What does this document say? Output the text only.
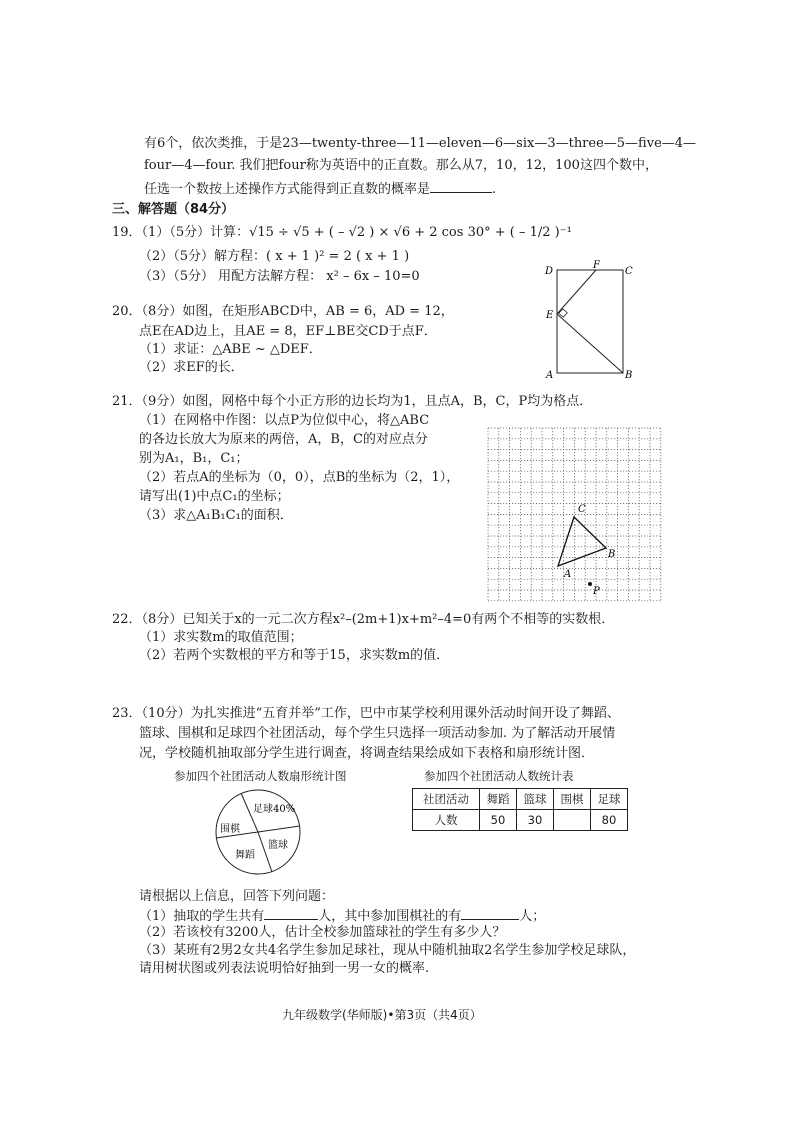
有6个，依次类推，于是23—twenty-three—11—eleven—6—six—3—three—5—five—4—
four—4—four. 我们把four称为英语中的正直数。那么从7，10，12，100这四个数中，
任选一个数按上述操作方式能得到正直数的概率是	.
三、解答题（84分）
19．（1）（5分）计算：√15 ÷ √5 + ( – √2 ) × √6 + 2 cos 30° + ( – 1/2 )⁻¹
（2）（5分）解方程：( x + 1 )² = 2 ( x + 1 )
（3）（5分） 用配方法解方程： x² – 6x – 10=0
20．（8分）如图，在矩形ABCD中，AB = 6，AD = 12，
点E在AD边上，且AE = 8，EF⊥BE交CD于点F．
（1）求证：△ABE ~ △DEF．
（2）求EF的长．
D
F
C
E
A	B
21．（9分）如图，网格中每个小正方形的边长均为1，且点A，B，C，P均为格点．
（1）在网格中作图：以点P为位似中心，将△ABC
的各边长放大为原来的两倍，A，B，C的对应点分
别为A₁，B₁，C₁；
（2）若点A的坐标为（0，0），点B的坐标为（2，1），
请写出(1)中点C₁的坐标；
（3）求△A₁B₁C₁的面积．	C
B
A
P
22．（8分）已知关于x的一元二次方程x²–(2m+1)x+m²–4=0有两个不相等的实数根．
（1）求实数m的取值范围；
（2）若两个实数根的平方和等于15，求实数m的值．
23．（10分）为扎实推进“五育并举”工作，巴中市某学校利用课外活动时间开设了舞蹈、
篮球、围棋和足球四个社团活动，每个学生只选择一项活动参加. 为了解活动开展情
况，学校随机抽取部分学生进行调查，将调查结果绘成如下表格和扇形统计图．
参加四个社团活动人数扇形统计图	参加四个社团活动人数统计表
足球40%
围棋
篮球
舞蹈
社团活动	舞蹈	篮球	围棋	足球
人数	50	30		80
请根据以上信息，回答下列问题：
（1）抽取的学生共有	人，其中参加围棋社的有	人；
（2）若该校有3200人，估计全校参加篮球社的学生有多少人？
（3）某班有2男2女共4名学生参加足球社，现从中随机抽取2名学生参加学校足球队，
请用树状图或列表法说明恰好抽到一男一女的概率.
九年级数学(华师版)•第3页（共4页）
